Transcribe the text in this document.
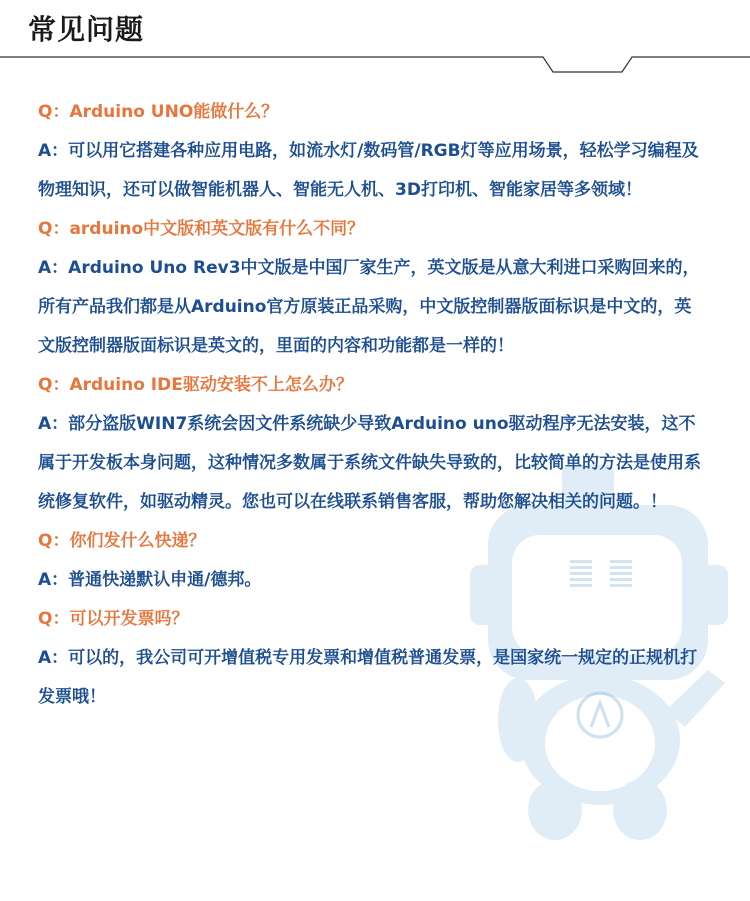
常见问题

Q：Arduino UNO能做什么？

A：可以用它搭建各种应用电路，如流水灯/数码管/RGB灯等应用场景，轻松学习编程及物理知识，还可以做智能机器人、智能无人机、3D打印机、智能家居等多领域！

Q：arduino中文版和英文版有什么不同？

A：Arduino Uno Rev3中文版是中国厂家生产，英文版是从意大利进口采购回来的，所有产品我们都是从Arduino官方原装正品采购，中文版控制器版面标识是中文的，英文版控制器版面标识是英文的，里面的内容和功能都是一样的！

Q：Arduino IDE驱动安装不上怎么办？

A：部分盗版WIN7系统会因文件系统缺少导致Arduino uno驱动程序无法安装，这不属于开发板本身问题，这种情况多数属于系统文件缺失导致的，比较简单的方法是使用系统修复软件，如驱动精灵。您也可以在线联系销售客服，帮助您解决相关的问题。！

Q：你们发什么快递？

A：普通快递默认申通/德邦。

Q：可以开发票吗？

A：可以的，我公司可开增值税专用发票和增值税普通发票，是国家统一规定的正规机打发票哦！
